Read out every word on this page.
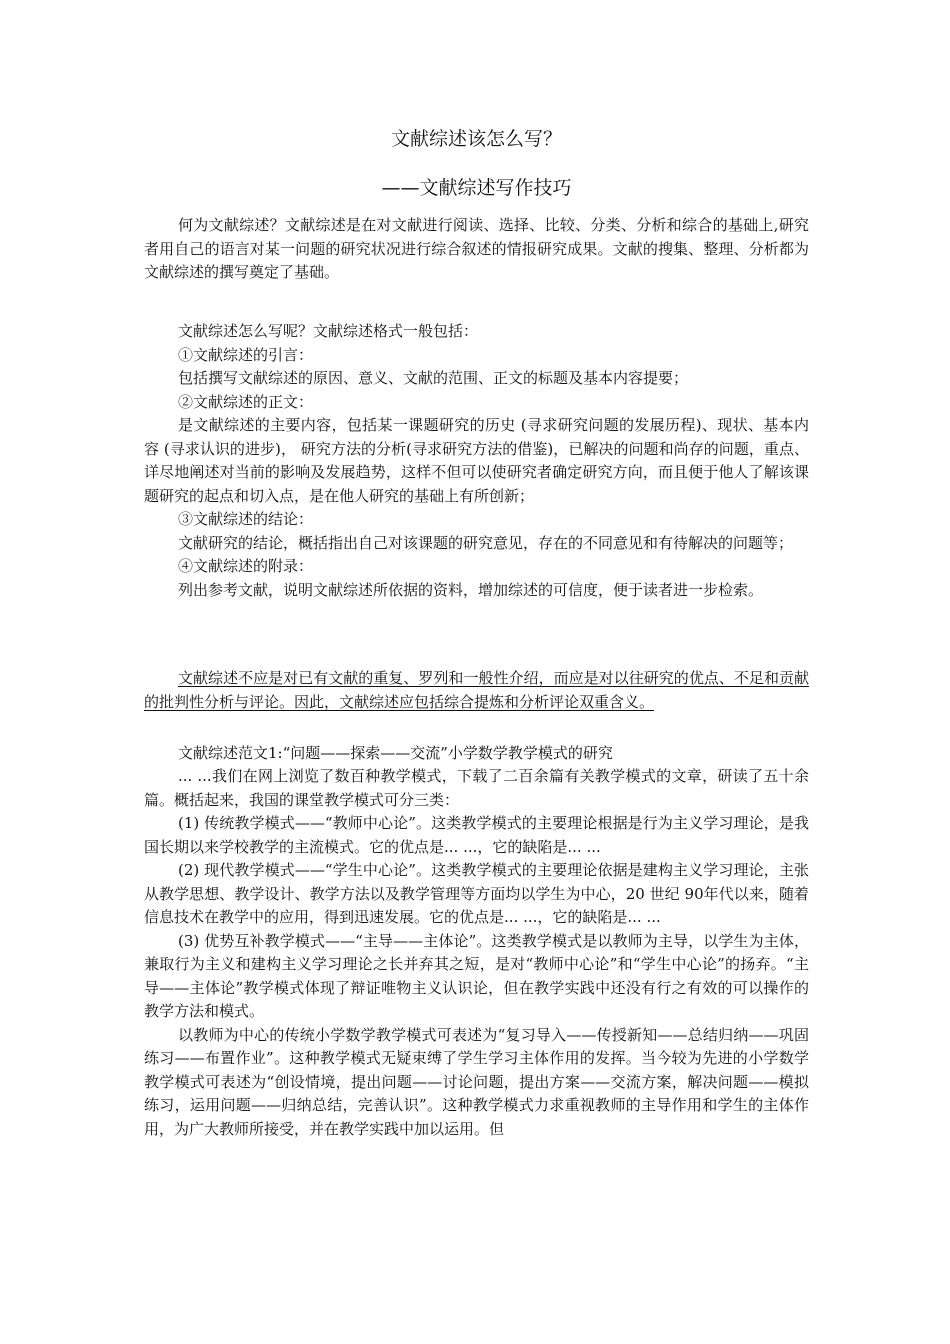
文献综述该怎么写？
——文献综述写作技巧

何为文献综述？文献综述是在对文献进行阅读、选择、比较、分类、分析和综合的基础上,研究者用自己的语言对某一问题的研究状况进行综合叙述的情报研究成果。文献的搜集、整理、分析都为文献综述的撰写奠定了基础。

文献综述怎么写呢？文献综述格式一般包括：

①文献综述的引言：

包括撰写文献综述的原因、意义、文献的范围、正文的标题及基本内容提要；

②文献综述的正文：

是文献综述的主要内容，包括某一课题研究的历史 (寻求研究问题的发展历程)、现状、基本内容 (寻求认识的进步)， 研究方法的分析(寻求研究方法的借鉴)，已解决的问题和尚存的问题，重点、详尽地阐述对当前的影响及发展趋势，这样不但可以使研究者确定研究方向，而且便于他人了解该课题研究的起点和切入点，是在他人研究的基础上有所创新；

③文献综述的结论：

文献研究的结论，概括指出自己对该课题的研究意见，存在的不同意见和有待解决的问题等；

④文献综述的附录：

列出参考文献，说明文献综述所依据的资料，增加综述的可信度，便于读者进一步检索。

文献综述不应是对已有文献的重复、罗列和一般性介绍，而应是对以往研究的优点、不足和贡献的批判性分析与评论。因此，文献综述应包括综合提炼和分析评论双重含义。

文献综述范文1:“问题——探索——交流”小学数学教学模式的研究

... ...我们在网上浏览了数百种教学模式，下载了二百余篇有关教学模式的文章，研读了五十余篇。概括起来，我国的课堂教学模式可分三类：

(1) 传统教学模式——“教师中心论”。这类教学模式的主要理论根据是行为主义学习理论，是我国长期以来学校教学的主流模式。它的优点是... ...，它的缺陷是... ...

(2) 现代教学模式——“学生中心论”。这类教学模式的主要理论依据是建构主义学习理论，主张从教学思想、教学设计、教学方法以及教学管理等方面均以学生为中心，20 世纪 90年代以来，随着信息技术在教学中的应用，得到迅速发展。它的优点是... ...，它的缺陷是... ...

(3) 优势互补教学模式——“主导——主体论”。这类教学模式是以教师为主导，以学生为主体，兼取行为主义和建构主义学习理论之长并弃其之短，是对“教师中心论”和“学生中心论”的扬弃。“主导——主体论”教学模式体现了辩证唯物主义认识论，但在教学实践中还没有行之有效的可以操作的教学方法和模式。

以教师为中心的传统小学数学教学模式可表述为“复习导入——传授新知——总结归纳——巩固练习——布置作业”。这种教学模式无疑束缚了学生学习主体作用的发挥。当今较为先进的小学数学教学模式可表述为“创设情境，提出问题——讨论问题，提出方案——交流方案，解决问题——模拟练习，运用问题——归纳总结，完善认识”。这种教学模式力求重视教师的主导作用和学生的主体作用，为广大教师所接受，并在教学实践中加以运用。但
